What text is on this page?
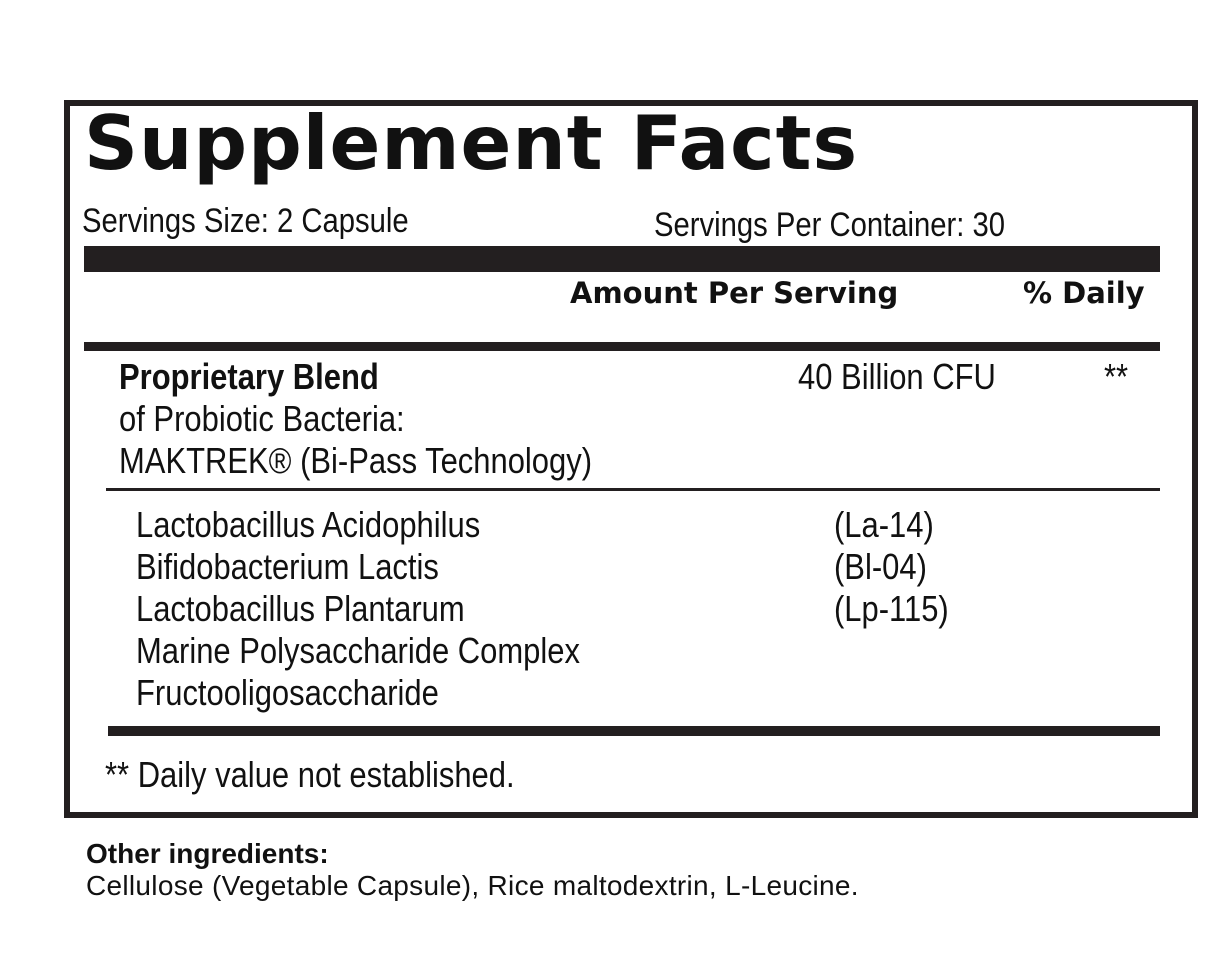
Supplement Facts
Servings Size: 2 Capsule	Servings Per Container: 30
Amount Per Serving	% Daily
Proprietary Blend
of Probiotic Bacteria:
MAKTREK® (Bi-Pass Technology)
40 Billion CFU	**
Lactobacillus Acidophilus	(La-14)
Bifidobacterium Lactis	(Bl-04)
Lactobacillus Plantarum	(Lp-115)
Marine Polysaccharide Complex
Fructooligosaccharide
** Daily value not established.
Other ingredients:
Cellulose (Vegetable Capsule), Rice maltodextrin, L-Leucine.
